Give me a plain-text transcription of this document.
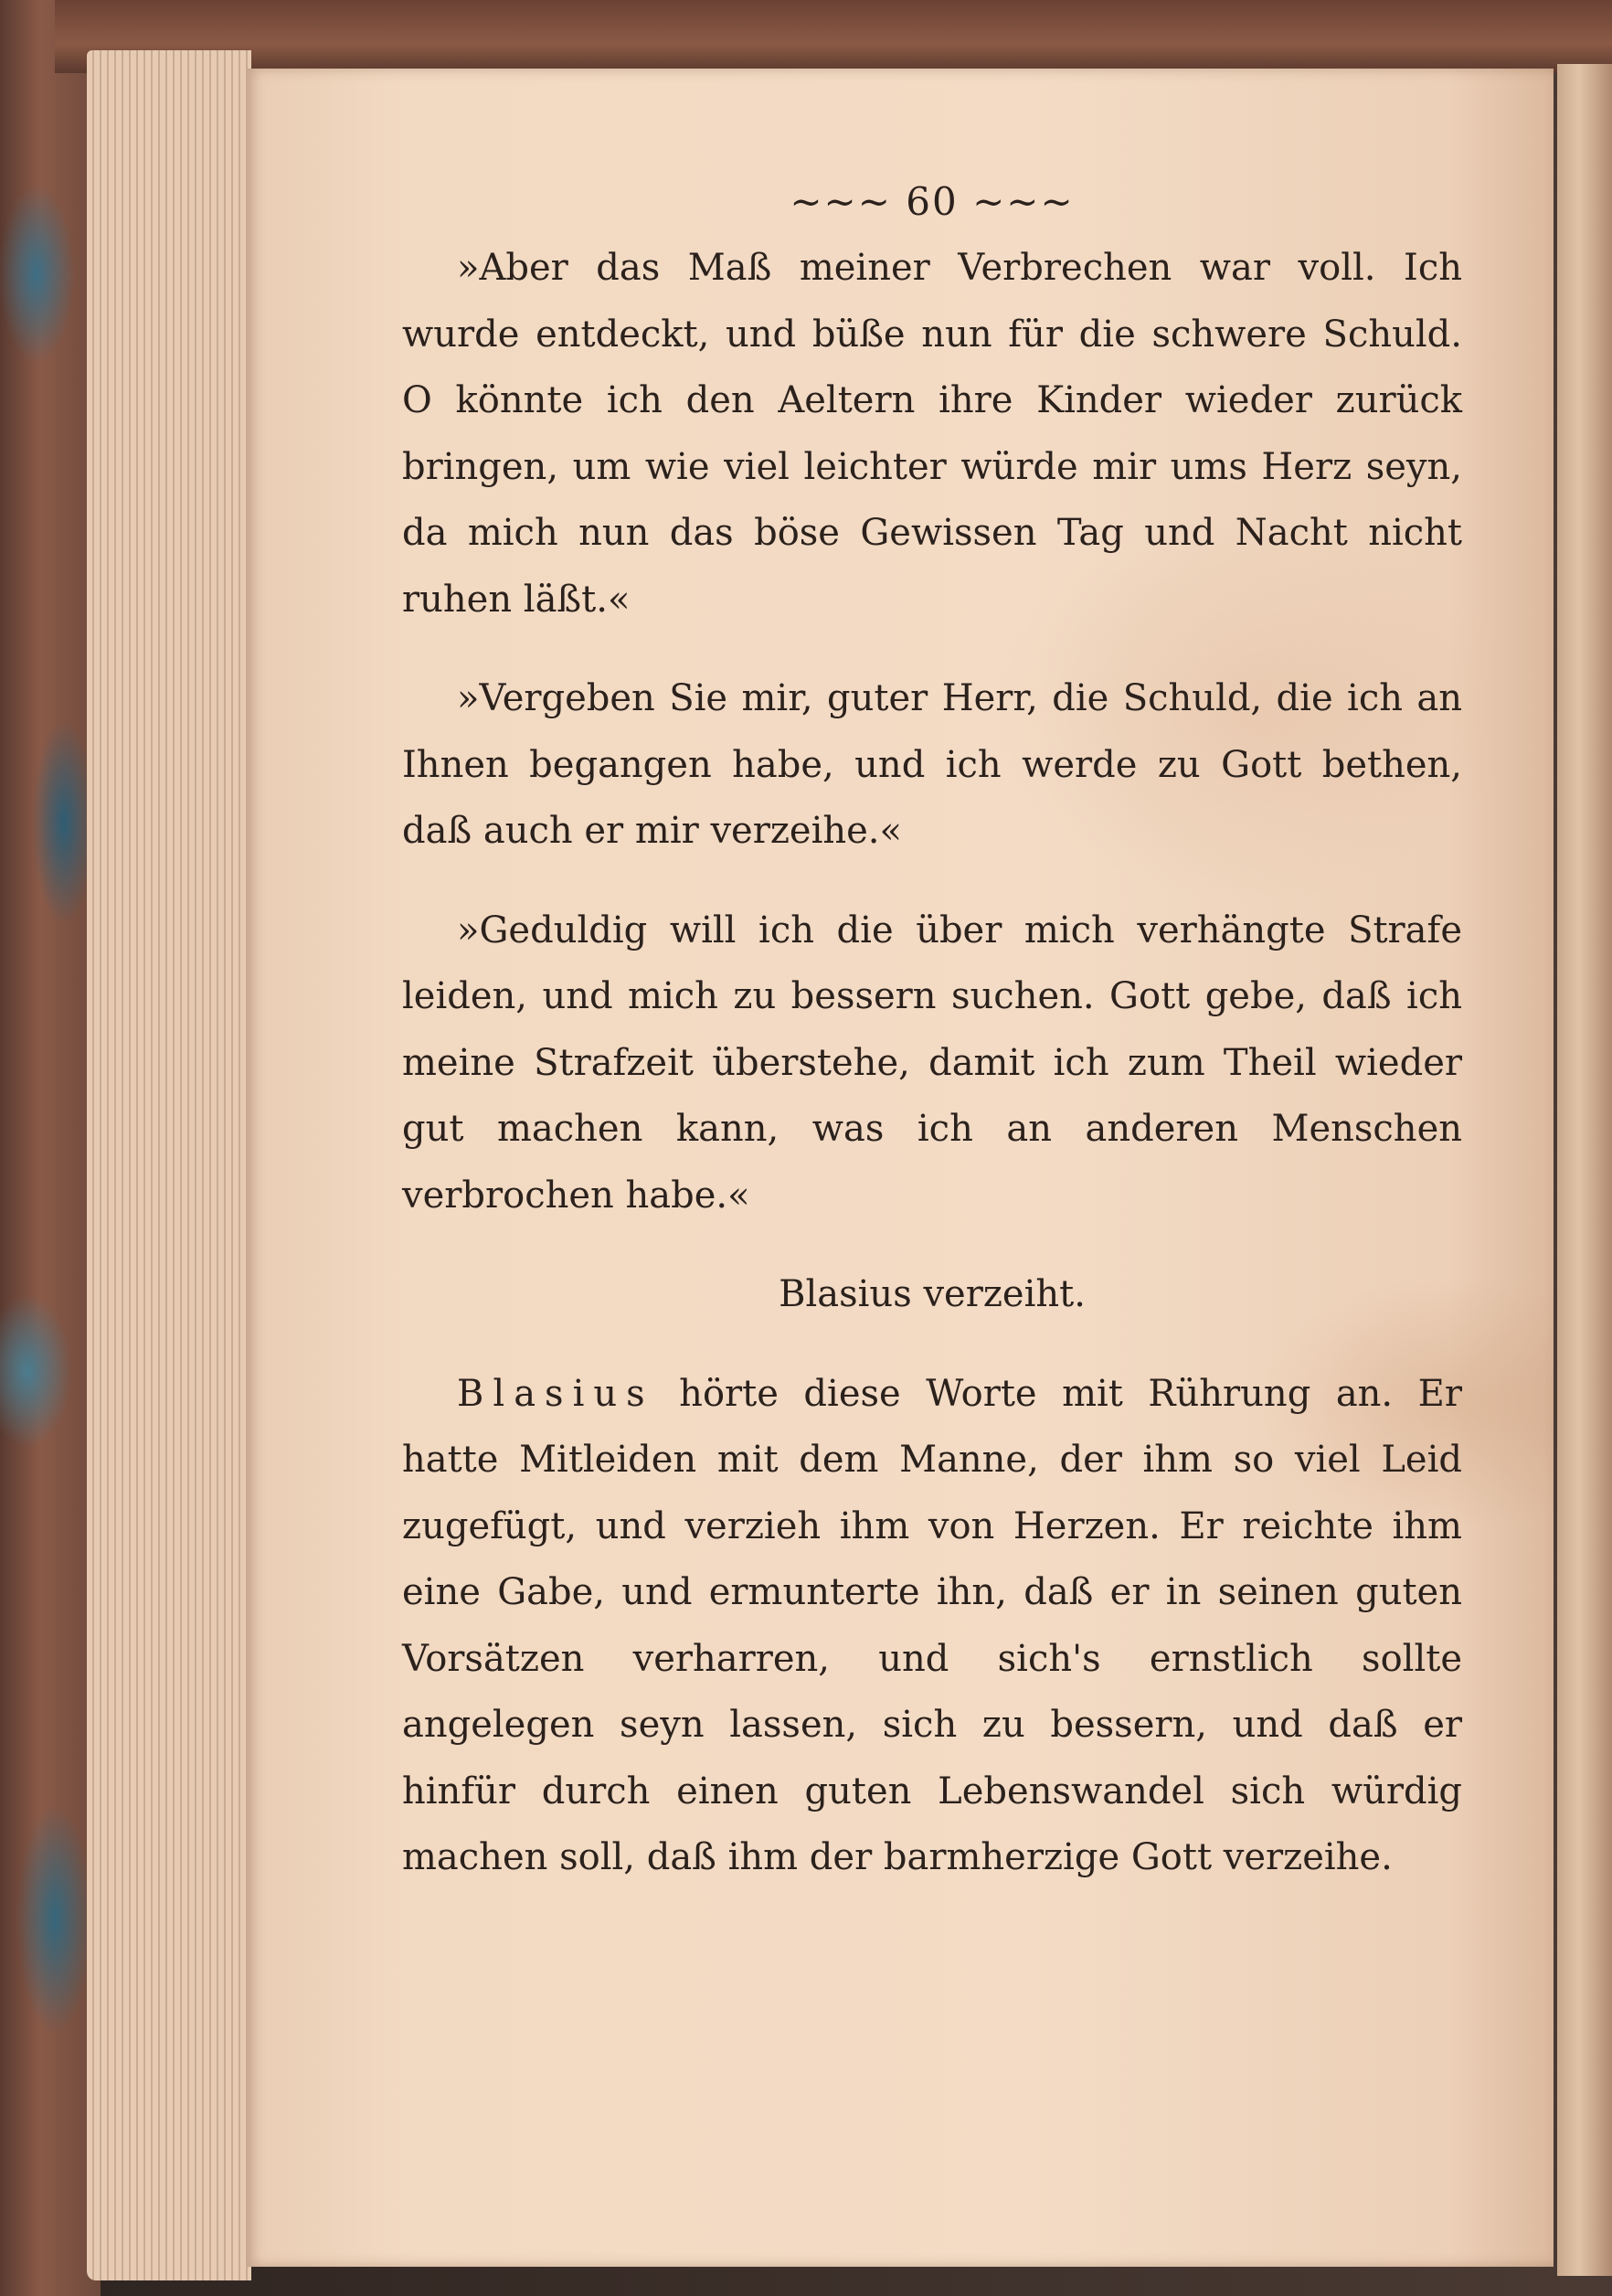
~~~ 60 ~~~

»Aber das Maß meiner Verbrechen war voll. Ich wurde entdeckt, und büße nun für die schwere Schuld. O könnte ich den Aeltern ihre Kinder wieder zurück bringen, um wie viel leichter würde mir ums Herz seyn, da mich nun das böse Gewissen Tag und Nacht nicht ruhen läßt.«

»Vergeben Sie mir, guter Herr, die Schuld, die ich an Ihnen begangen habe, und ich werde zu Gott bethen, daß auch er mir verzeihe.«

»Geduldig will ich die über mich verhängte Strafe leiden, und mich zu bessern suchen. Gott gebe, daß ich meine Strafzeit überstehe, damit ich zum Theil wieder gut machen kann, was ich an anderen Menschen verbrochen habe.«

Blasius verzeiht.

Blasius hörte diese Worte mit Rührung an. Er hatte Mitleiden mit dem Manne, der ihm so viel Leid zugefügt, und verzieh ihm von Herzen. Er reichte ihm eine Gabe, und ermunterte ihn, daß er in seinen guten Vorsätzen verharren, und sich's ernstlich sollte angelegen seyn lassen, sich zu bessern, und daß er hinfür durch einen guten Lebenswandel sich würdig machen soll, daß ihm der barmherzige Gott verzeihe.
